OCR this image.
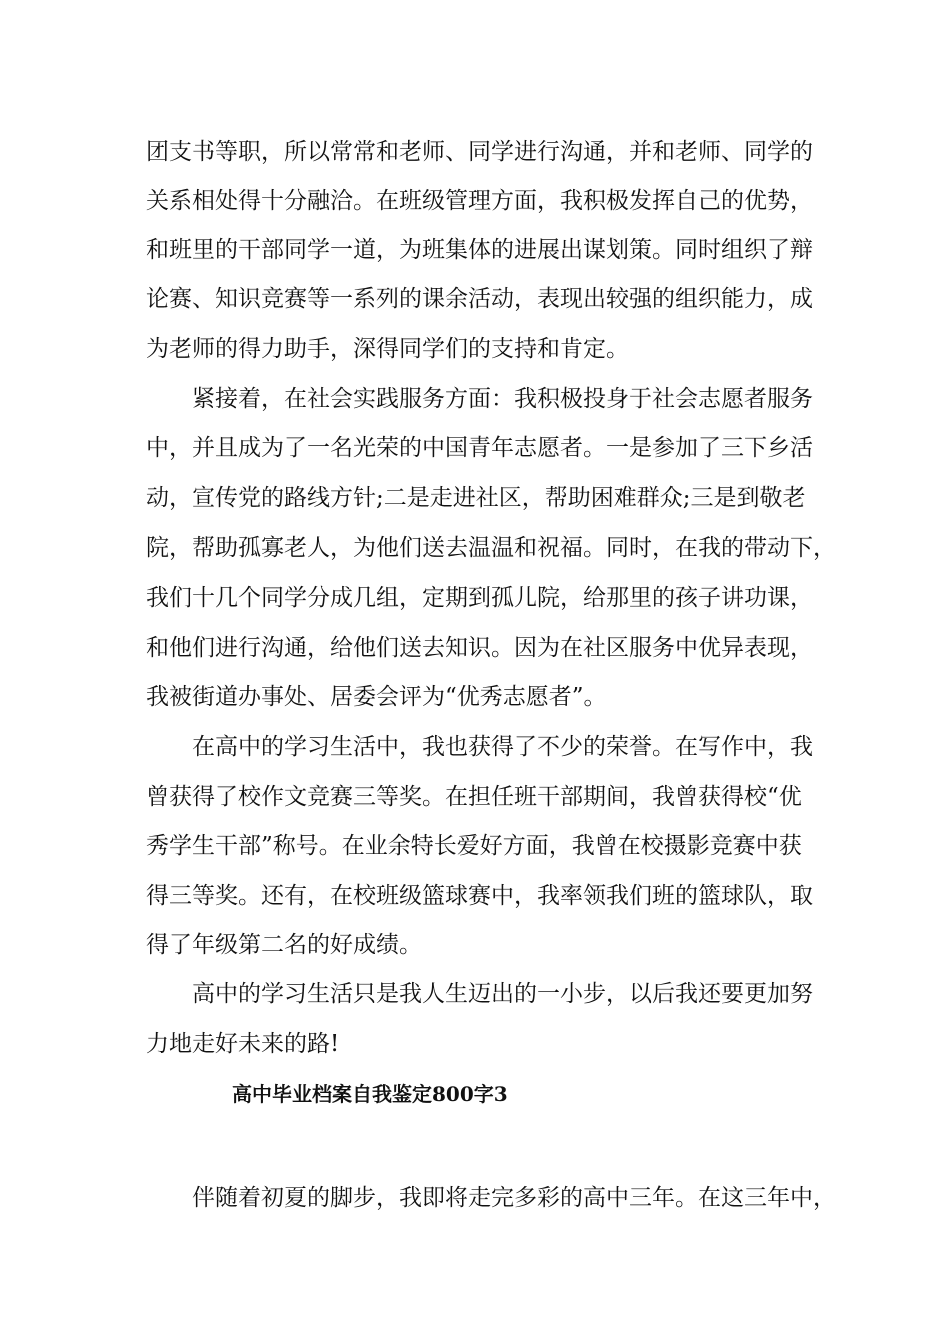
团支书等职，所以常常和老师、同学进行沟通，并和老师、同学的

关系相处得十分融洽。在班级管理方面，我积极发挥自己的优势，

和班里的干部同学一道，为班集体的进展出谋划策。同时组织了辩

论赛、知识竞赛等一系列的课余活动，表现出较强的组织能力，成

为老师的得力助手，深得同学们的支持和肯定。

紧接着，在社会实践服务方面：我积极投身于社会志愿者服务

中，并且成为了一名光荣的中国青年志愿者。一是参加了三下乡活

动，宣传党的路线方针;二是走进社区，帮助困难群众;三是到敬老

院，帮助孤寡老人，为他们送去温温和祝福。同时，在我的带动下，

我们十几个同学分成几组，定期到孤儿院，给那里的孩子讲功课，

和他们进行沟通，给他们送去知识。因为在社区服务中优异表现，

我被街道办事处、居委会评为“优秀志愿者”。

在高中的学习生活中，我也获得了不少的荣誉。在写作中，我

曾获得了校作文竞赛三等奖。在担任班干部期间，我曾获得校“优

秀学生干部”称号。在业余特长爱好方面，我曾在校摄影竞赛中获

得三等奖。还有，在校班级篮球赛中，我率领我们班的篮球队，取

得了年级第二名的好成绩。

高中的学习生活只是我人生迈出的一小步，以后我还要更加努

力地走好未来的路!

高中毕业档案自我鉴定800字3

伴随着初夏的脚步，我即将走完多彩的高中三年。在这三年中，
